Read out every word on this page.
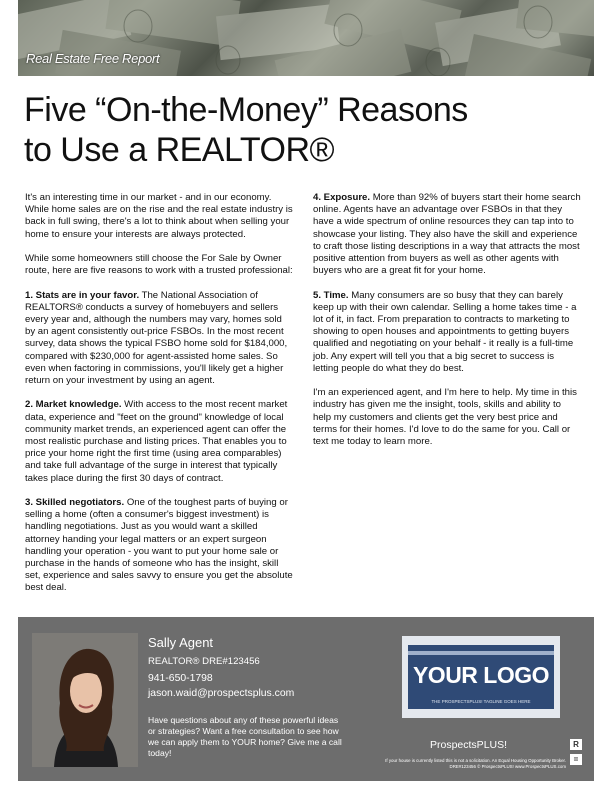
Real Estate Free Report
Five “On-the-Money” Reasons
to Use a REALTOR®

It's an interesting time in our market - and in our economy. While home sales are on the rise and the real estate industry is back in full swing, there's a lot to think about when selling your home to ensure your interests are always protected.

While some homeowners still choose the For Sale by Owner route, here are five reasons to work with a trusted professional:

1. Stats are in your favor. The National Association of REALTORS® conducts a survey of homebuyers and sellers every year and, although the numbers may vary, homes sold by an agent consistently out-price FSBOs. In the most recent survey, data shows the typical FSBO home sold for $184,000, compared with $230,000 for agent-assisted home sales. So even when factoring in commissions, you'll likely get a higher return on your investment by using an agent.

2. Market knowledge. With access to the most recent market data, experience and "feet on the ground" knowledge of local community market trends, an experienced agent can offer the most realistic purchase and listing prices. That enables you to price your home right the first time (using area comparables) and take full advantage of the surge in interest that typically takes place during the first 30 days of contract.

3. Skilled negotiators. One of the toughest parts of buying or selling a home (often a consumer's biggest investment) is handling negotiations. Just as you would want a skilled attorney handing your legal matters or an expert surgeon handling your operation - you want to put your home sale or purchase in the hands of someone who has the insight, skill set, experience and sales savvy to ensure you get the absolute best deal.

4. Exposure. More than 92% of buyers start their home search online. Agents have an advantage over FSBOs in that they have a wide spectrum of online resources they can tap into to showcase your listing. They also have the skill and experience to craft those listing descriptions in a way that attracts the most positive attention from buyers as well as other agents with buyers who are a great fit for your home.

5. Time. Many consumers are so busy that they can barely keep up with their own calendar. Selling a home takes time - a lot of it, in fact. From preparation to contracts to marketing to showing to open houses and appointments to getting buyers qualified and negotiating on your behalf - it really is a full-time job. Any expert will tell you that a big secret to success is letting people do what they do best.

I'm an experienced agent, and I'm here to help. My time in this industry has given me the insight, tools, skills and ability to help my customers and clients get the very best price and terms for their homes. I'd love to do the same for you. Call or text me today to learn more.

Sally Agent
REALTOR® DRE#123456
941-650-1798
jason.waid@prospectsplus.com
Have questions about any of these powerful ideas or strategies? Want a free consultation to see how we can apply them to YOUR home? Give me a call today!
YOUR LOGO
THE PROSPECTSPLUS! TAGLINE GOES HERE
ProspectsPLUS!
If your house is currently listed this is not a solicitation. An Equal Housing Opportunity Broker. DRE#123456 © ProspectsPLUS! www.ProspectsPLUS.com
R
=
